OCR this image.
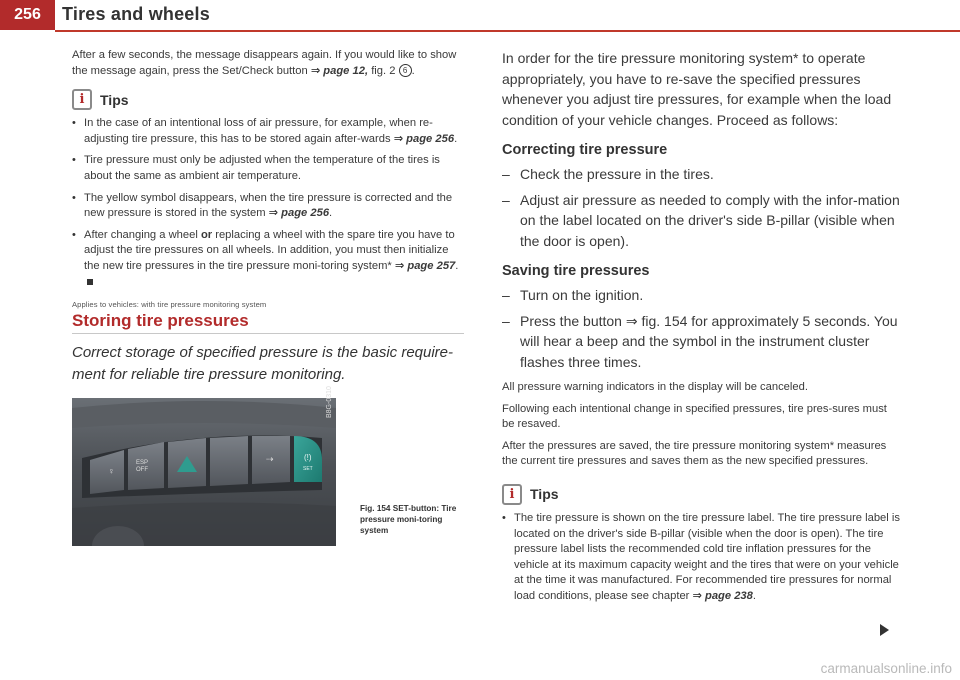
256	Tires and wheels

After a few seconds, the message disappears again. If you would like to show the message again, press the Set/Check button ⇒ page 12, fig. 2 6 .

i	Tips
• In the case of an intentional loss of air pressure, for example, when re-adjusting tire pressure, this has to be stored again after-wards ⇒ page 256.

• Tire pressure must only be adjusted when the temperature of the tires is about the same as ambient air temperature.

• The yellow symbol disappears, when the tire pressure is corrected and the new pressure is stored in the system ⇒ page 256.

• After changing a wheel or replacing a wheel with the spare tire you have to adjust the tire pressures on all wheels. In addition, you must then initialize the new tire pressures in the tire pressure moni-toring system* ⇒ page 257.

Applies to vehicles: with tire pressure monitoring system
Storing tire pressures

Correct storage of specified pressure is the basic require-ment for reliable tire pressure monitoring.

♀
ESP
OFF
⇢	(!)
SET
B8G-0310
Fig. 154 SET-button: Tire pressure moni-toring system

In order for the tire pressure monitoring system* to operate appropriately, you have to re-save the specified pressures whenever you adjust tire pressures, for example when the load condition of your vehicle changes. Proceed as follows:

Correcting tire pressure
– Check the pressure in the tires.

– Adjust air pressure as needed to comply with the infor-mation on the label located on the driver's side B-pillar (visible when the door is open).

Saving tire pressures
– Turn on the ignition.

– Press the button ⇒ fig. 154 for approximately 5 seconds. You will hear a beep and the symbol in the instrument cluster flashes three times.

All pressure warning indicators in the display will be canceled.

Following each intentional change in specified pressures, tire pres-sures must be resaved.

After the pressures are saved, the tire pressure monitoring system* measures the current tire pressures and saves them as the new specified pressures.

i	Tips
• The tire pressure is shown on the tire pressure label. The tire pressure label is located on the driver's side B-pillar (visible when the door is open). The tire pressure label lists the recommended cold tire inflation pressures for the vehicle at its maximum capacity weight and the tires that were on your vehicle at the time it was manufactured. For recommended tire pressures for normal load conditions, please see chapter ⇒ page 238.

carmanualsonline.info
